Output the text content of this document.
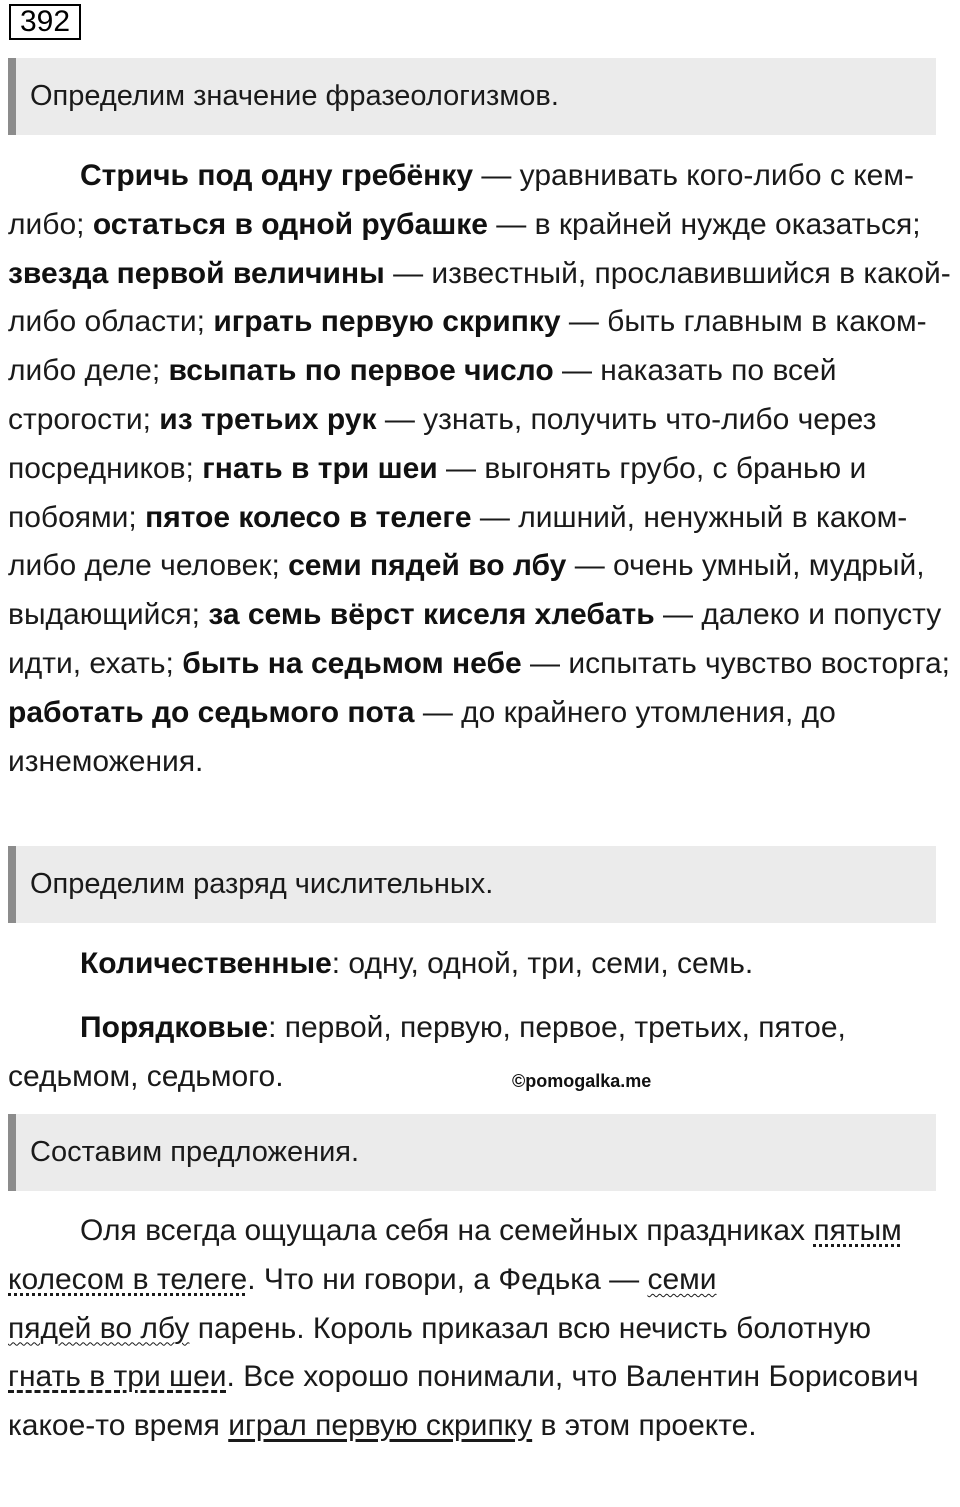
392
Определим значение фразеологизмов.

Стричь под одну гребёнку — уравнивать кого-либо с кем-либо; остаться в одной рубашке — в крайней нужде оказаться; звезда первой величины — известный, прославившийся в какой-либо области; играть первую скрипку — быть главным в каком-либо деле; всыпать по первое число — наказать по всей строгости; из третьих рук — узнать, получить что-либо через посредников; гнать в три шеи — выгонять грубо, с бранью и побоями; пятое колесо в телеге — лишний, ненужный в каком-либо деле человек; семи пядей во лбу — очень умный, мудрый, выдающийся; за семь вёрст киселя хлебать — далеко и попусту идти, ехать; быть на седьмом небе — испытать чувство восторга; работать до седьмого пота — до крайнего утомления, до изнеможения.

Определим разряд числительных.

Количественные: одну, одной, три, семи, семь.

Порядковые: первой, первую, первое, третьих, пятое, седьмом, седьмого.	©pomogalka.me
Составим предложения.

Оля всегда ощущала себя на семейных праздниках пятым колесом в телеге. Что ни говори, а Федька — семи
пядей во лбу парень. Король приказал всю нечисть болотную гнать в три шеи. Все хорошо понимали, что Валентин Борисович какое-то время играл первую скрипку в этом проекте.
